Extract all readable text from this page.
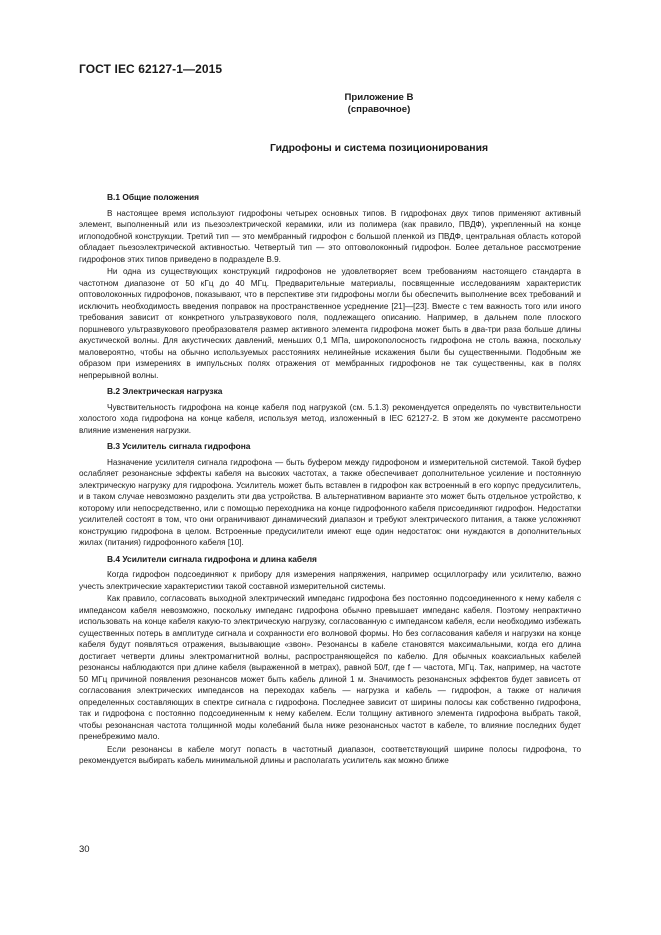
ГОСТ IEC 62127-1—2015
Приложение В
(справочное)
Гидрофоны и система позиционирования
В.1 Общие положения

В настоящее время используют гидрофоны четырех основных типов. В гидрофонах двух типов применяют активный элемент, выполненный или из пьезоэлектрической керамики, или из полимера (как правило, ПВДФ), укрепленный на конце иглоподобной конструкции. Третий тип — это мембранный гидрофон с большой пленкой из ПВДФ, центральная область которой обладает пьезоэлектрической активностью. Четвертый тип — это оптоволоконный гидрофон. Более детальное рассмотрение гидрофонов этих типов приведено в подразделе В.9.

Ни одна из существующих конструкций гидрофонов не удовлетворяет всем требованиям настоящего стандарта в частотном диапазоне от 50 кГц до 40 МГц. Предварительные материалы, посвященные исследованиям характеристик оптоволоконных гидрофонов, показывают, что в перспективе эти гидрофоны могли бы обеспечить выполнение всех требований и исключить необходимость введения поправок на пространственное усреднение [21]—[23]. Вместе с тем важность того или иного требования зависит от конкретного ультразвукового поля, подлежащего описанию. Например, в дальнем поле плоского поршневого ультразвукового преобразователя размер активного элемента гидрофона может быть в два-три раза больше длины акустической волны. Для акустических давлений, меньших 0,1 МПа, широкополосность гидрофона не столь важна, поскольку маловероятно, чтобы на обычно используемых расстояниях нелинейные искажения были бы существенными. Подобным же образом при измерениях в импульсных полях отражения от мембранных гидрофонов не так существенны, как в полях непрерывной волны.

В.2 Электрическая нагрузка

Чувствительность гидрофона на конце кабеля под нагрузкой (см. 5.1.3) рекомендуется определять по чувствительности холостого хода гидрофона на конце кабеля, используя метод, изложенный в IEC 62127-2. В этом же документе рассмотрено влияние изменения нагрузки.

В.3 Усилитель сигнала гидрофона

Назначение усилителя сигнала гидрофона — быть буфером между гидрофоном и измерительной системой. Такой буфер ослабляет резонансные эффекты кабеля на высоких частотах, а также обеспечивает дополнительное усиление и постоянную электрическую нагрузку для гидрофона. Усилитель может быть вставлен в гидрофон как встроенный в его корпус предусилитель, и в таком случае невозможно разделить эти два устройства. В альтернативном варианте это может быть отдельное устройство, к которому или непосредственно, или с помощью переходника на конце гидрофонного кабеля присоединяют гидрофон. Недостатки усилителей состоят в том, что они ограничивают динамический диапазон и требуют электрического питания, а также усложняют конструкцию гидрофона в целом. Встроенные предусилители имеют еще один недостаток: они нуждаются в дополнительных жилах (питания) гидрофонного кабеля [10].

В.4 Усилители сигнала гидрофона и длина кабеля

Когда гидрофон подсоединяют к прибору для измерения напряжения, например осциллографу или усилителю, важно учесть электрические характеристики такой составной измерительной системы.

Как правило, согласовать выходной электрический импеданс гидрофона без постоянно подсоединенного к нему кабеля с импедансом кабеля невозможно, поскольку импеданс гидрофона обычно превышает импеданс кабеля. Поэтому непрактично использовать на конце кабеля какую-то электрическую нагрузку, согласованную с импедансом кабеля, если необходимо избежать существенных потерь в амплитуде сигнала и сохранности его волновой формы. Но без согласования кабеля и нагрузки на конце кабеля будут появляться отражения, вызывающие «звон». Резонансы в кабеле становятся максимальными, когда его длина достигает четверти длины электромагнитной волны, распространяющейся по кабелю. Для обычных коаксиальных кабелей резонансы наблюдаются при длине кабеля (выраженной в метрах), равной 50/f, где f — частота, МГц. Так, например, на частоте 50 МГц причиной появления резонансов может быть кабель длиной 1 м. Значимость резонансных эффектов будет зависеть от согласования электрических импедансов на переходах кабель — нагрузка и кабель — гидрофон, а также от наличия определенных составляющих в спектре сигнала с гидрофона. Последнее зависит от ширины полосы как собственно гидрофона, так и гидрофона с постоянно подсоединенным к нему кабелем. Если толщину активного элемента гидрофона выбрать такой, чтобы резонансная частота толщинной моды колебаний была ниже резонансных частот в кабеле, то влияние последних будет пренебрежимо мало.

Если резонансы в кабеле могут попасть в частотный диапазон, соответствующий ширине полосы гидрофона, то рекомендуется выбирать кабель минимальной длины и располагать усилитель как можно ближе

30
